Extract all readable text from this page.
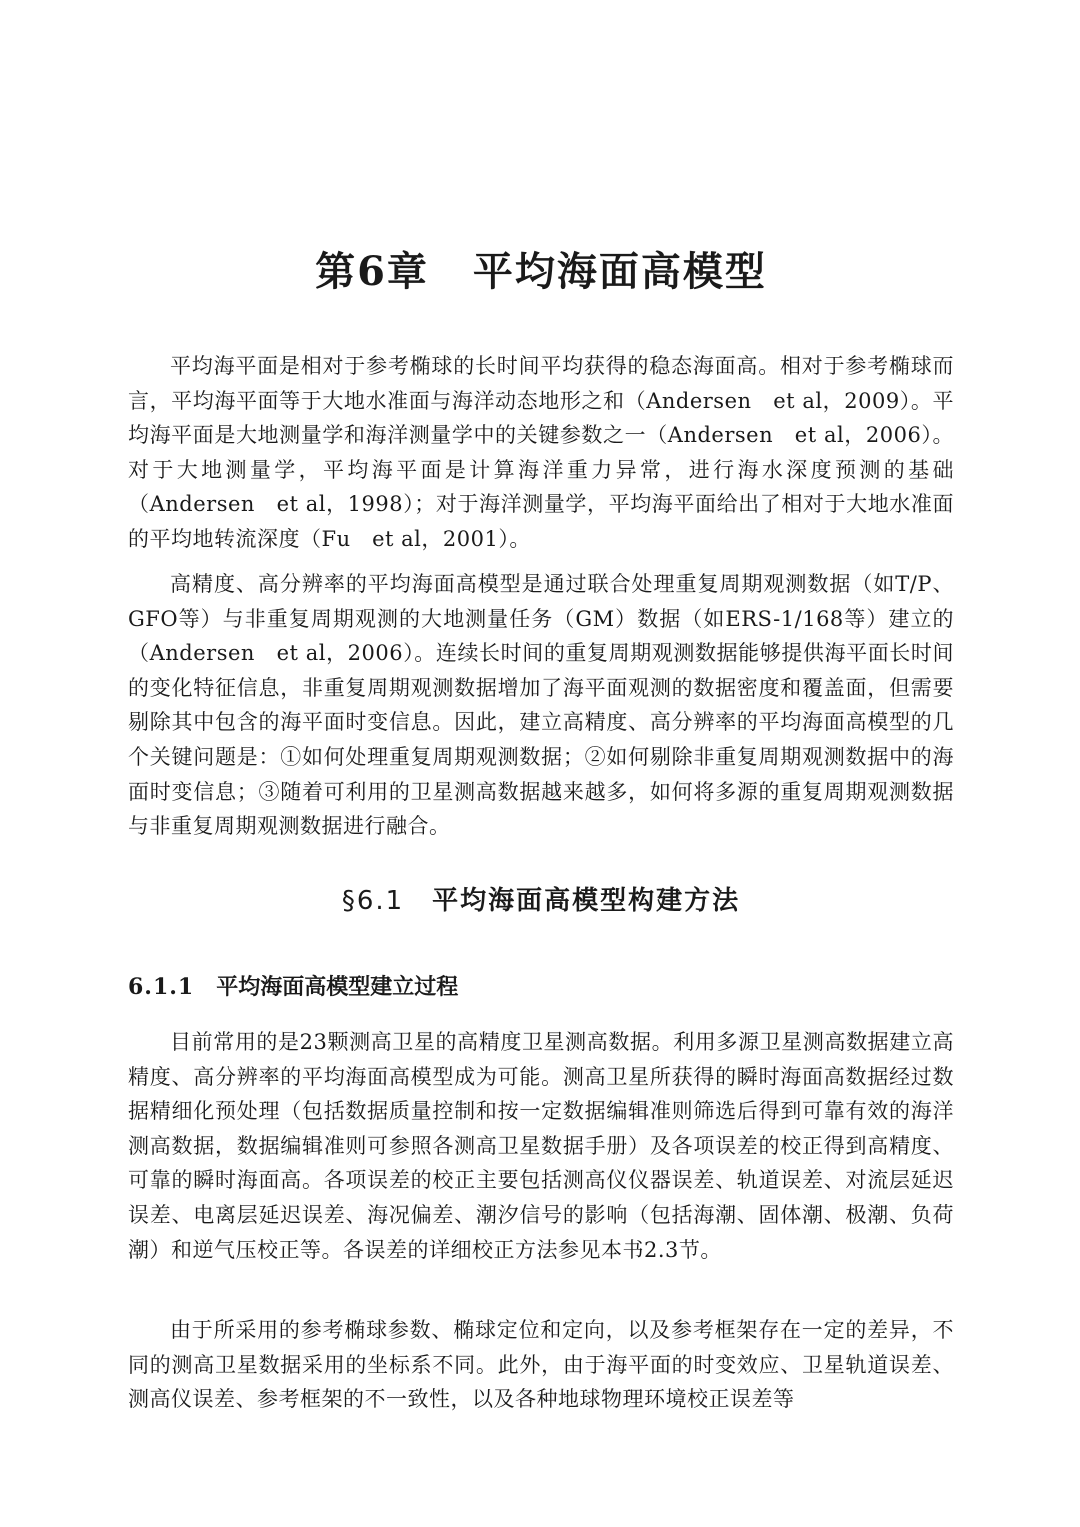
第6章 平均海面高模型

平均海平面是相对于参考椭球的长时间平均获得的稳态海面高。相对于参考椭球而言，平均海平面等于大地水准面与海洋动态地形之和（Andersen　et al，2009）。平均海平面是大地测量学和海洋测量学中的关键参数之一（Andersen　et al，2006）。对于大地测量学，平均海平面是计算海洋重力异常，进行海水深度预测的基础（Andersen　et al，1998）；对于海洋测量学，平均海平面给出了相对于大地水准面的平均地转流深度（Fu　et al，2001）。

高精度、高分辨率的平均海面高模型是通过联合处理重复周期观测数据（如T/P、GFO等）与非重复周期观测的大地测量任务（GM）数据（如ERS-1/168等）建立的（Andersen　et al，2006）。连续长时间的重复周期观测数据能够提供海平面长时间的变化特征信息，非重复周期观测数据增加了海平面观测的数据密度和覆盖面，但需要剔除其中包含的海平面时变信息。因此，建立高精度、高分辨率的平均海面高模型的几个关键问题是：①如何处理重复周期观测数据；②如何剔除非重复周期观测数据中的海面时变信息；③随着可利用的卫星测高数据越来越多，如何将多源的重复周期观测数据与非重复周期观测数据进行融合。

§6.1 平均海面高模型构建方法
6.1.1 平均海面高模型建立过程

目前常用的是23颗测高卫星的高精度卫星测高数据。利用多源卫星测高数据建立高精度、高分辨率的平均海面高模型成为可能。测高卫星所获得的瞬时海面高数据经过数据精细化预处理（包括数据质量控制和按一定数据编辑准则筛选后得到可靠有效的海洋测高数据，数据编辑准则可参照各测高卫星数据手册）及各项误差的校正得到高精度、可靠的瞬时海面高。各项误差的校正主要包括测高仪仪器误差、轨道误差、对流层延迟误差、电离层延迟误差、海况偏差、潮汐信号的影响（包括海潮、固体潮、极潮、负荷潮）和逆气压校正等。各误差的详细校正方法参见本书2.3节。

由于所采用的参考椭球参数、椭球定位和定向，以及参考框架存在一定的差异，不同的测高卫星数据采用的坐标系不同。此外，由于海平面的时变效应、卫星轨道误差、测高仪误差、参考框架的不一致性，以及各种地球物理环境校正误差等
